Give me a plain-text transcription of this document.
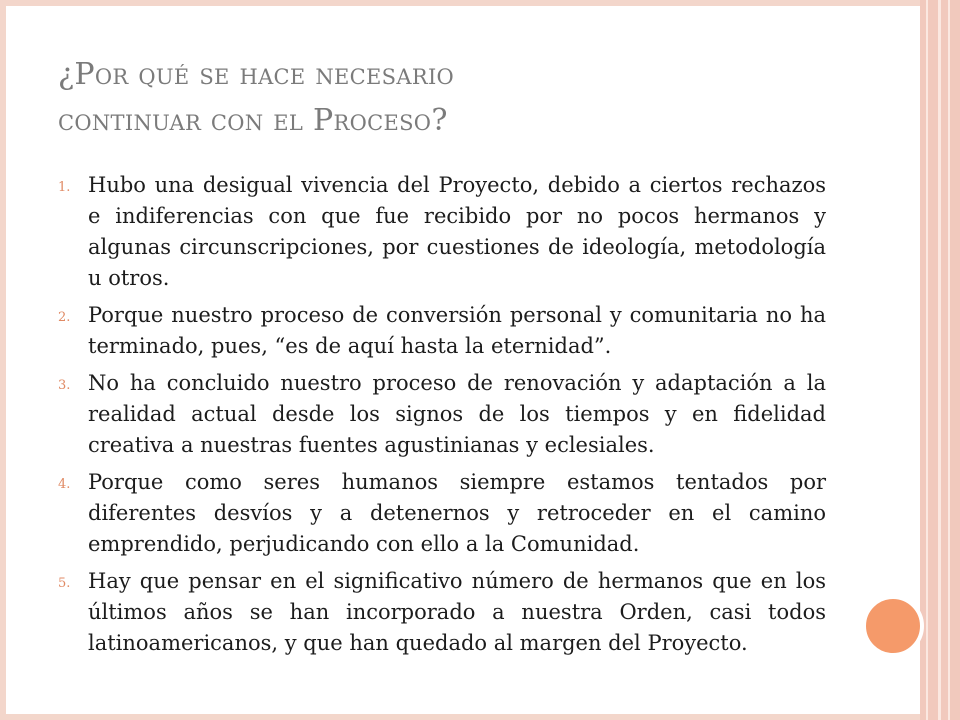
¿Por qué se hace necesario
continuar con el Proceso?
1. Hubo una desigual vivencia del Proyecto, debido a ciertos rechazos e indiferencias con que fue recibido por no pocos hermanos y algunas circunscripciones, por cuestiones de ideología, metodología u otros.
2. Porque nuestro proceso de conversión personal y comunitaria no ha terminado, pues, “es de aquí hasta la eternidad”.
3. No ha concluido nuestro proceso de renovación y adaptación a la realidad actual desde los signos de los tiempos y en fidelidad creativa a nuestras fuentes agustinianas y eclesiales.
4. Porque como seres humanos siempre estamos tentados por diferentes desvíos y a detenernos y retroceder en el camino emprendido, perjudicando con ello a la Comunidad.
5. Hay que pensar en el significativo número de hermanos que en los últimos años se han incorporado a nuestra Orden, casi todos latinoamericanos, y que han quedado al margen del Proyecto.
